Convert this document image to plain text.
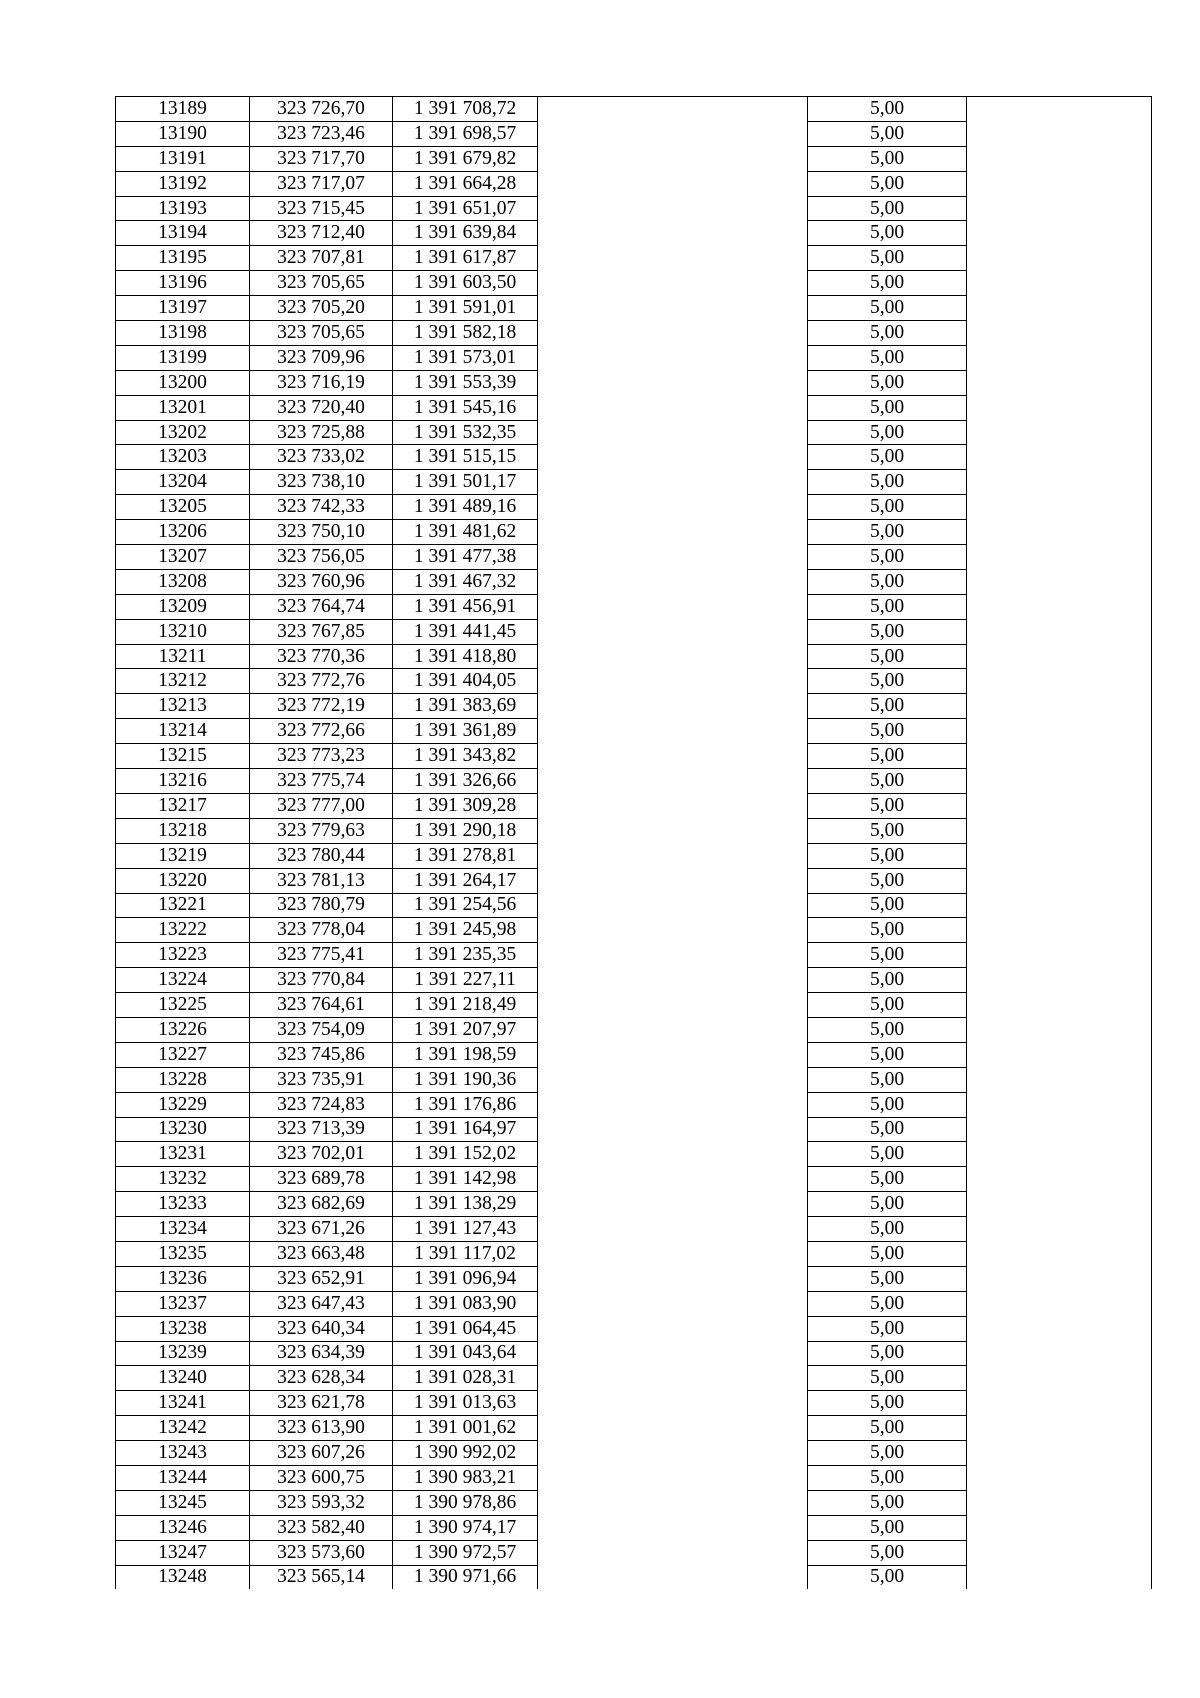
13189	323 726,70	1 391 708,72		5,00	
13190	323 723,46	1 391 698,57		5,00	
13191	323 717,70	1 391 679,82		5,00	
13192	323 717,07	1 391 664,28		5,00	
13193	323 715,45	1 391 651,07		5,00	
13194	323 712,40	1 391 639,84		5,00	
13195	323 707,81	1 391 617,87		5,00	
13196	323 705,65	1 391 603,50		5,00	
13197	323 705,20	1 391 591,01		5,00	
13198	323 705,65	1 391 582,18		5,00	
13199	323 709,96	1 391 573,01		5,00	
13200	323 716,19	1 391 553,39		5,00	
13201	323 720,40	1 391 545,16		5,00	
13202	323 725,88	1 391 532,35		5,00	
13203	323 733,02	1 391 515,15		5,00	
13204	323 738,10	1 391 501,17		5,00	
13205	323 742,33	1 391 489,16		5,00	
13206	323 750,10	1 391 481,62		5,00	
13207	323 756,05	1 391 477,38		5,00	
13208	323 760,96	1 391 467,32		5,00	
13209	323 764,74	1 391 456,91		5,00	
13210	323 767,85	1 391 441,45		5,00	
13211	323 770,36	1 391 418,80		5,00	
13212	323 772,76	1 391 404,05		5,00	
13213	323 772,19	1 391 383,69		5,00	
13214	323 772,66	1 391 361,89		5,00	
13215	323 773,23	1 391 343,82		5,00	
13216	323 775,74	1 391 326,66		5,00	
13217	323 777,00	1 391 309,28		5,00	
13218	323 779,63	1 391 290,18		5,00	
13219	323 780,44	1 391 278,81		5,00	
13220	323 781,13	1 391 264,17		5,00	
13221	323 780,79	1 391 254,56		5,00	
13222	323 778,04	1 391 245,98		5,00	
13223	323 775,41	1 391 235,35		5,00	
13224	323 770,84	1 391 227,11		5,00	
13225	323 764,61	1 391 218,49		5,00	
13226	323 754,09	1 391 207,97		5,00	
13227	323 745,86	1 391 198,59		5,00	
13228	323 735,91	1 391 190,36		5,00	
13229	323 724,83	1 391 176,86		5,00	
13230	323 713,39	1 391 164,97		5,00	
13231	323 702,01	1 391 152,02		5,00	
13232	323 689,78	1 391 142,98		5,00	
13233	323 682,69	1 391 138,29		5,00	
13234	323 671,26	1 391 127,43		5,00	
13235	323 663,48	1 391 117,02		5,00	
13236	323 652,91	1 391 096,94		5,00	
13237	323 647,43	1 391 083,90		5,00	
13238	323 640,34	1 391 064,45		5,00	
13239	323 634,39	1 391 043,64		5,00	
13240	323 628,34	1 391 028,31		5,00	
13241	323 621,78	1 391 013,63		5,00	
13242	323 613,90	1 391 001,62		5,00	
13243	323 607,26	1 390 992,02		5,00	
13244	323 600,75	1 390 983,21		5,00	
13245	323 593,32	1 390 978,86		5,00	
13246	323 582,40	1 390 974,17		5,00	
13247	323 573,60	1 390 972,57		5,00	
13248	323 565,14	1 390 971,66		5,00	
